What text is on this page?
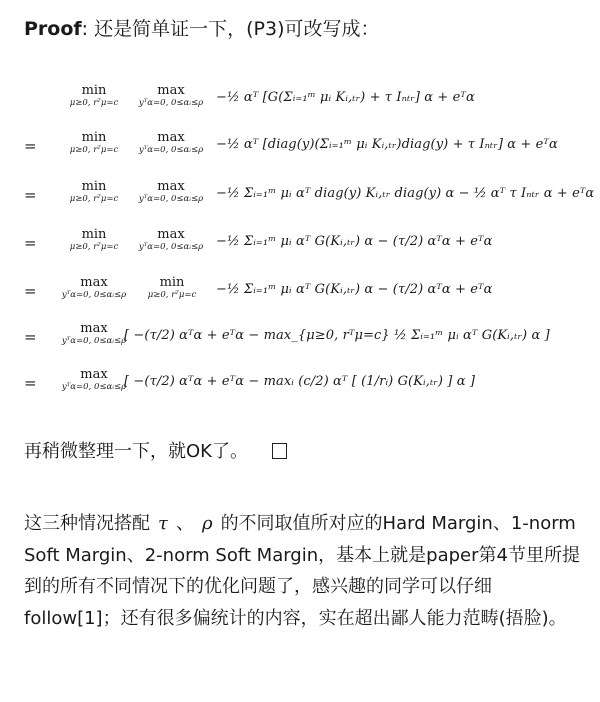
Proof: 还是简单证一下，(P3)可改写成：
min
μ≥0, rᵀμ=c
max
yᵀα=0, 0≤αᵢ≤ρ −½ αᵀ [G(Σᵢ₌₁ᵐ μᵢ Kᵢ,ₜᵣ) + τ Iₙₜᵣ] α + eᵀα
=	min
μ≥0, rᵀμ=c
max
yᵀα=0, 0≤αᵢ≤ρ −½ αᵀ [diag(y)(Σᵢ₌₁ᵐ μᵢ Kᵢ,ₜᵣ)diag(y) + τ Iₙₜᵣ] α + eᵀα
=	min
μ≥0, rᵀμ=c
max
yᵀα=0, 0≤αᵢ≤ρ −½ Σᵢ₌₁ᵐ μᵢ αᵀ diag(y) Kᵢ,ₜᵣ diag(y) α − ½ αᵀ τ Iₙₜᵣ α + eᵀα
=	min
μ≥0, rᵀμ=c
max
yᵀα=0, 0≤αᵢ≤ρ −½ Σᵢ₌₁ᵐ μᵢ αᵀ G(Kᵢ,ₜᵣ) α − (τ/2) αᵀα + eᵀα
=	max
yᵀα=0, 0≤αᵢ≤ρ
min
μ≥0, rᵀμ=c −½ Σᵢ₌₁ᵐ μᵢ αᵀ G(Kᵢ,ₜᵣ) α − (τ/2) αᵀα + eᵀα
=	max
yᵀα=0, 0≤αᵢ≤ρ
[ −(τ/2) αᵀα + eᵀα − max_{μ≥0, rᵀμ=c} ½ Σᵢ₌₁ᵐ μᵢ αᵀ G(Kᵢ,ₜᵣ) α ]
=	max
yᵀα=0, 0≤αᵢ≤ρ
[ −(τ/2) αᵀα + eᵀα − maxᵢ (c/2) αᵀ [ (1/rᵢ) G(Kᵢ,ₜᵣ) ] α ]
再稍微整理一下，就OK了。
这三种情况搭配 τ 、 ρ 的不同取值所对应的Hard Margin、1-norm Soft Margin、2-norm Soft Margin，基本上就是paper第4节里所提到的所有不同情况下的优化问题了，感兴趣的同学可以仔细follow[1]；还有很多偏统计的内容，实在超出鄙人能力范畴(捂脸)。
